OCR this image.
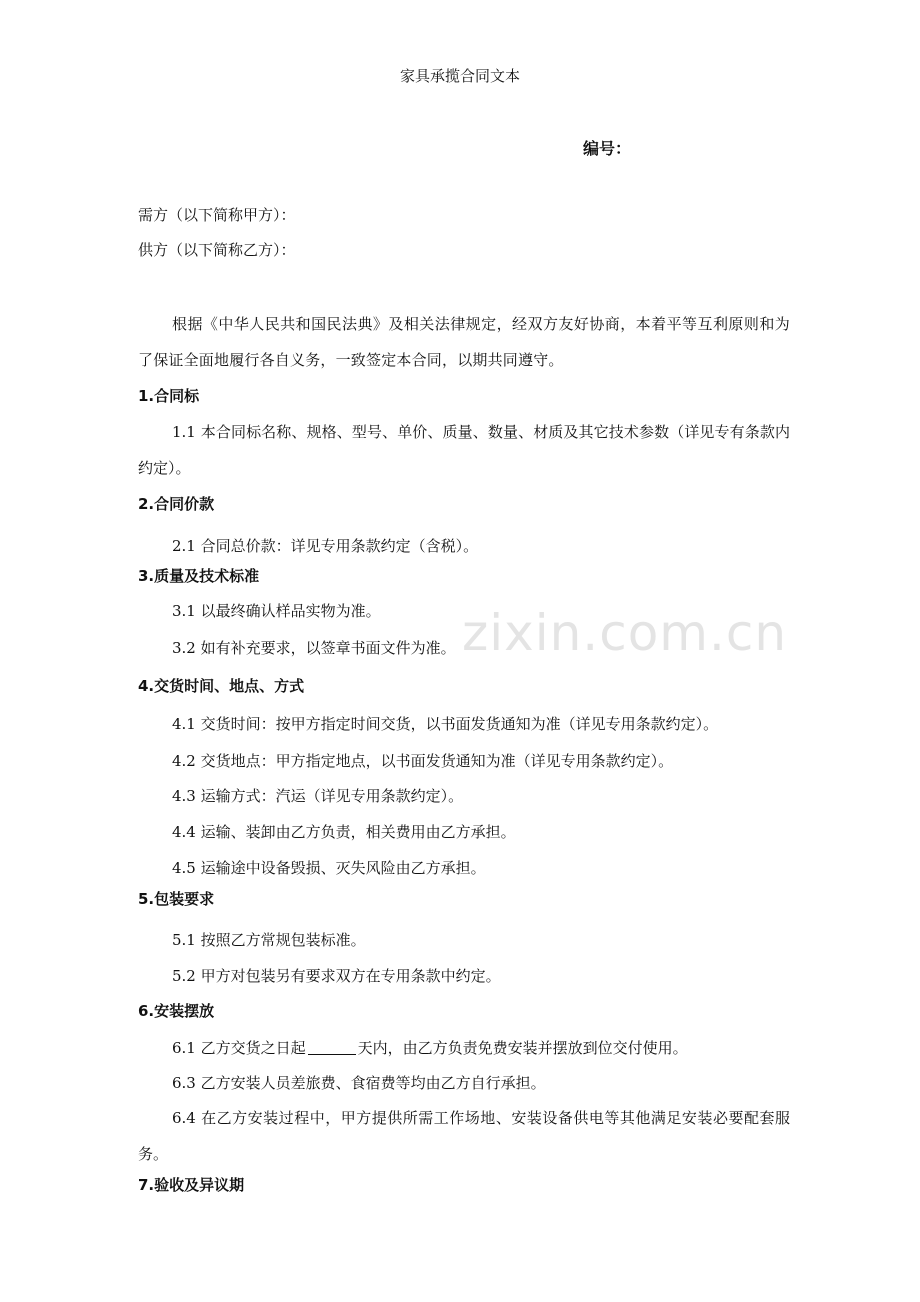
家具承揽合同文本
编号：
需方（以下简称甲方）：
供方（以下简称乙方）：
根据《中华人民共和国民法典》及相关法律规定，经双方友好协商，本着平等互利原则和为了保证全面地履行各自义务，一致签定本合同，以期共同遵守。
1.合同标
1.1 本合同标名称、规格、型号、单价、质量、数量、材质及其它技术参数（详见专有条款内约定）。
2.合同价款
2.1 合同总价款：详见专用条款约定（含税）。
3.质量及技术标准
3.1 以最终确认样品实物为准。
3.2 如有补充要求，以签章书面文件为准。
4.交货时间、地点、方式
4.1 交货时间：按甲方指定时间交货，以书面发货通知为准（详见专用条款约定）。
4.2 交货地点：甲方指定地点，以书面发货通知为准（详见专用条款约定）。
4.3 运输方式：汽运（详见专用条款约定）。
4.4 运输、装卸由乙方负责，相关费用由乙方承担。
4.5 运输途中设备毁损、灭失风险由乙方承担。
5.包装要求
5.1 按照乙方常规包装标准。
5.2 甲方对包装另有要求双方在专用条款中约定。
6.安装摆放
6.1 乙方交货之日起	天内，由乙方负责免费安装并摆放到位交付使用。
6.3 乙方安装人员差旅费、食宿费等均由乙方自行承担。
6.4 在乙方安装过程中，甲方提供所需工作场地、安装设备供电等其他满足安装必要配套服务。
7.验收及异议期
zixin.com.cn
